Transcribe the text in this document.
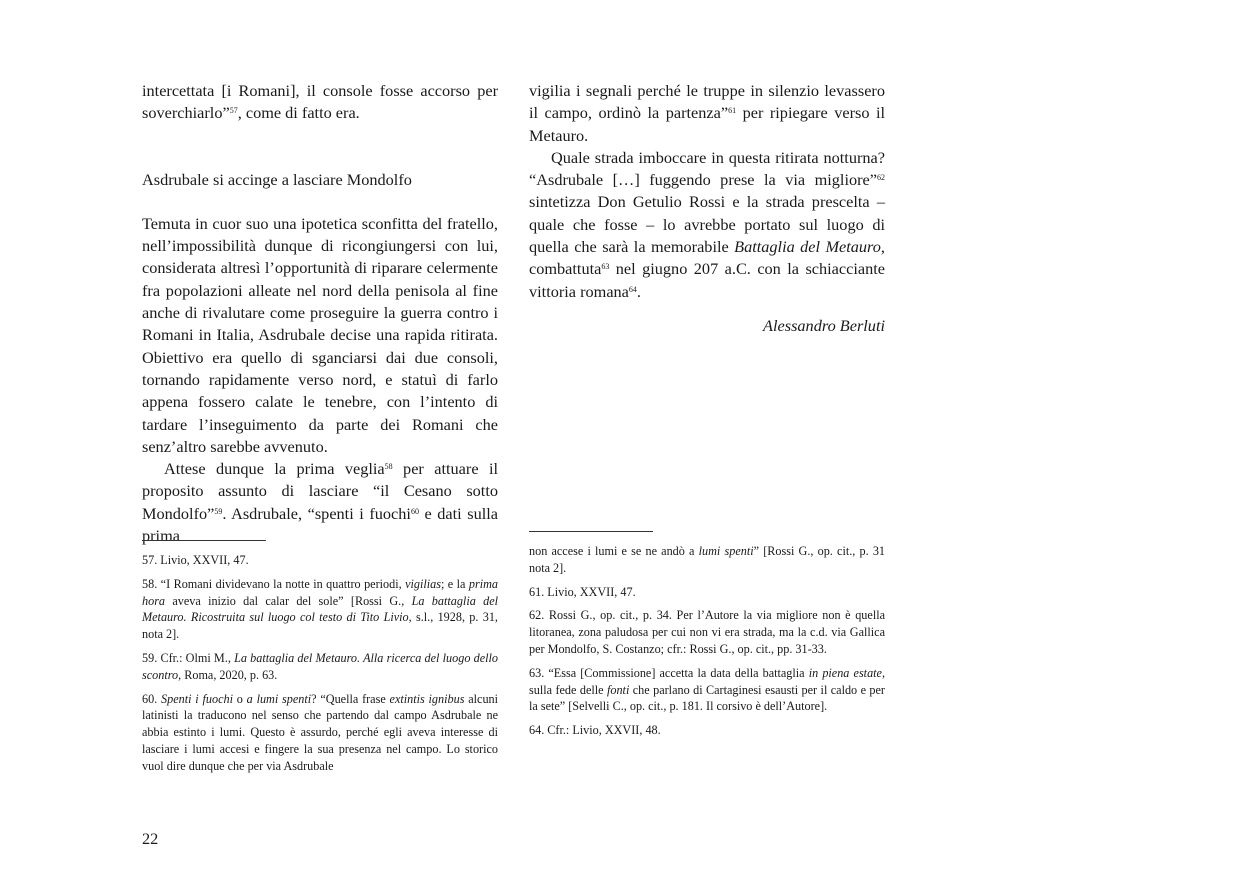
intercettata [i Romani], il console fosse accorso per soverchiarlo”$^{57}$, come di fatto era.

Asdrubale si accinge a lasciare Mondolfo

Temuta in cuor suo una ipotetica sconfitta del fratello, nell’impossibilità dunque di ricongiungersi con lui, considerata altresì l’opportunità di riparare celermente fra popolazioni alleate nel nord della penisola al fine anche di rivalutare come proseguire la guerra contro i Romani in Italia, Asdrubale decise una rapida ritirata. Obiettivo era quello di sganciarsi dai due consoli, tornando rapidamente verso nord, e statuì di farlo appena fossero calate le tenebre, con l’intento di tardare l’inseguimento da parte dei Romani che senz’altro sarebbe avvenuto.

Attese dunque la prima veglia$^{58}$ per attuare il proposito assunto di lasciare “il Cesano sotto Mondolfo”$^{59}$. Asdrubale, “spenti i fuochi$^{60}$ e dati sulla prima

vigilia i segnali perché le truppe in silenzio levassero il campo, ordinò la partenza”$^{61}$ per ripiegare verso il Metauro.

Quale strada imboccare in questa ritirata notturna? “Asdrubale […] fuggendo prese la via migliore”$^{62}$ sintetizza Don Getulio Rossi e la strada prescelta – quale che fosse – lo avrebbe portato sul luogo di quella che sarà la memorabile Battaglia del Metauro, combattuta$^{63}$ nel giugno 207 a.C. con la schiacciante vittoria romana$^{64}$.

Alessandro Berluti

57. Livio, XXVII, 47.

58. “I Romani dividevano la notte in quattro periodi, vigilias; e la prima hora aveva inizio dal calar del sole” [Rossi G., La battaglia del Metauro. Ricostruita sul luogo col testo di Tito Livio, s.l., 1928, p. 31, nota 2].

59. Cfr.: Olmi M., La battaglia del Metauro. Alla ricerca del luogo dello scontro, Roma, 2020, p. 63.

60. Spenti i fuochi o a lumi spenti? “Quella frase extintis ignibus alcuni latinisti la traducono nel senso che partendo dal campo Asdrubale ne abbia estinto i lumi. Questo è assurdo, perché egli aveva interesse di lasciare i lumi accesi e fingere la sua presenza nel campo. Lo storico vuol dire dunque che per via Asdrubale

non accese i lumi e se ne andò a lumi spenti” [Rossi G., op. cit., p. 31 nota 2].

61. Livio, XXVII, 47.

62. Rossi G., op. cit., p. 34. Per l’Autore la via migliore non è quella litoranea, zona paludosa per cui non vi era strada, ma la c.d. via Gallica per Mondolfo, S. Costanzo; cfr.: Rossi G., op. cit., pp. 31-33.

63. “Essa [Commissione] accetta la data della battaglia in piena estate, sulla fede delle fonti che parlano di Cartaginesi esausti per il caldo e per la sete” [Selvelli C., op. cit., p. 181. Il corsivo è dell’Autore].

64. Cfr.: Livio, XXVII, 48.

22
